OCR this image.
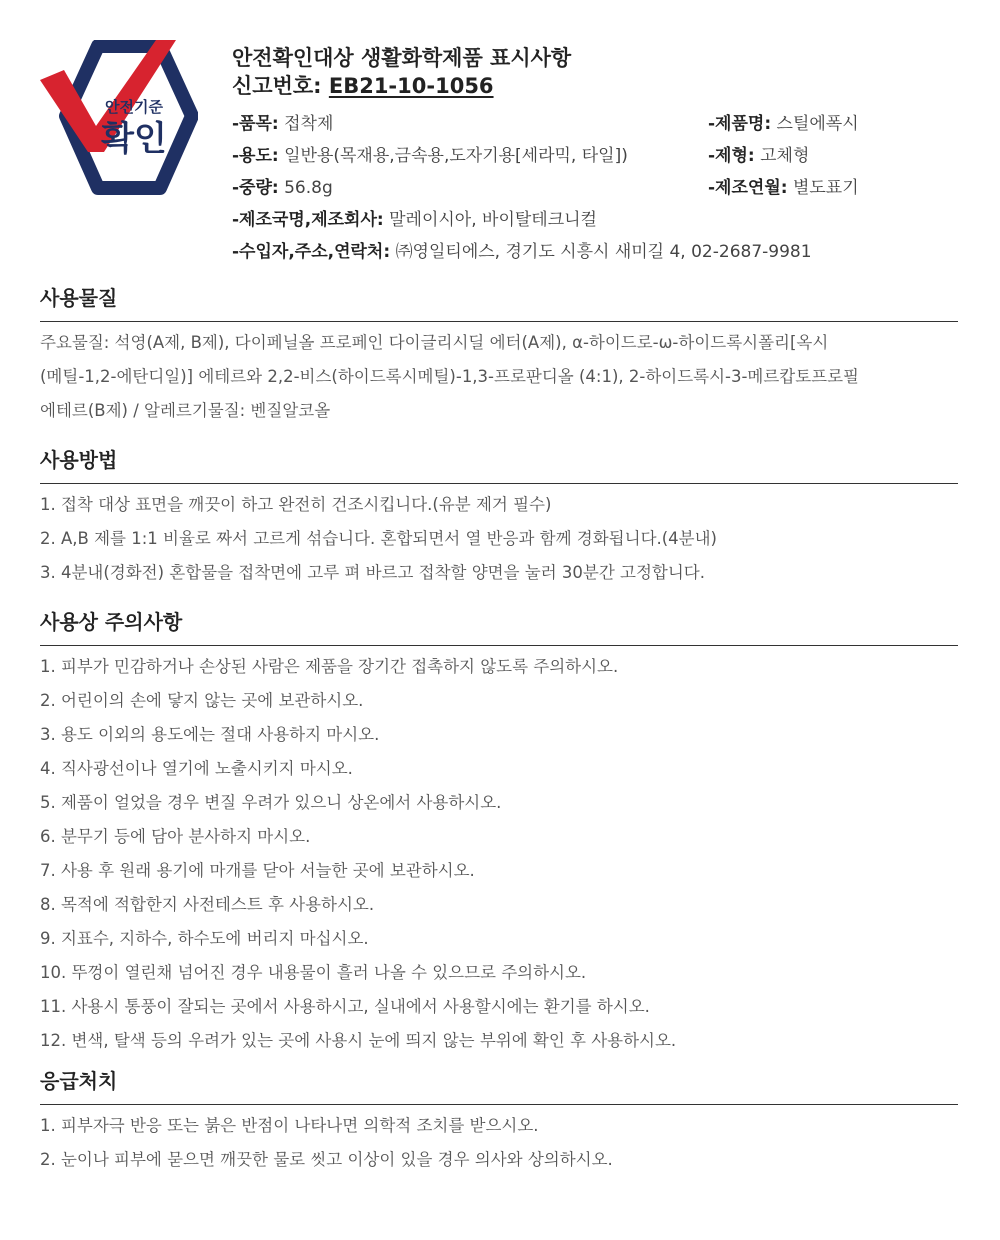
안전기준
확인
안전확인대상 생활화학제품 표시사항
신고번호: EB21-10-1056
-품목: 접착제	-제품명: 스틸에폭시
-용도: 일반용(목재용,금속용,도자기용[세라믹, 타일])	-제형: 고체형
-중량: 56.8g	-제조연월: 별도표기
-제조국명,제조회사: 말레이시아, 바이탈테크니컬
-수입자,주소,연락처: ㈜영일티에스, 경기도 시흥시 새미길 4, 02-2687-9981
사용물질

주요물질: 석영(A제, B제), 다이페닐올 프로페인 다이글리시딜 에터(A제), α-하이드로-ω-하이드록시폴리[옥시

(메틸-1,2-에탄디일)] 에테르와 2,2-비스(하이드록시메틸)-1,3-프로판디올 (4:1), 2-하이드록시-3-메르캅토프로필

에테르(B제) / 알레르기물질: 벤질알코올

사용방법
1. 접착 대상 표면을 깨끗이 하고 완전히 건조시킵니다.(유분 제거 필수)
2. A,B 제를 1:1 비율로 짜서 고르게 섞습니다. 혼합되면서 열 반응과 함께 경화됩니다.(4분내)
3. 4분내(경화전) 혼합물을 접착면에 고루 펴 바르고 접착할 양면을 눌러 30분간 고정합니다.
사용상 주의사항
1. 피부가 민감하거나 손상된 사람은 제품을 장기간 접촉하지 않도록 주의하시오.
2. 어린이의 손에 닿지 않는 곳에 보관하시오.
3. 용도 이외의 용도에는 절대 사용하지 마시오.
4. 직사광선이나 열기에 노출시키지 마시오.
5. 제품이 얼었을 경우 변질 우려가 있으니 상온에서 사용하시오.
6. 분무기 등에 담아 분사하지 마시오.
7. 사용 후 원래 용기에 마개를 닫아 서늘한 곳에 보관하시오.
8. 목적에 적합한지 사전테스트 후 사용하시오.
9. 지표수, 지하수, 하수도에 버리지 마십시오.
10. 뚜껑이 열린채 넘어진 경우 내용물이 흘러 나올 수 있으므로 주의하시오.
11. 사용시 통풍이 잘되는 곳에서 사용하시고, 실내에서 사용할시에는 환기를 하시오.
12. 변색, 탈색 등의 우려가 있는 곳에 사용시 눈에 띄지 않는 부위에 확인 후 사용하시오.
응급처치
1. 피부자극 반응 또는 붉은 반점이 나타나면 의학적 조치를 받으시오.
2. 눈이나 피부에 묻으면 깨끗한 물로 씻고 이상이 있을 경우 의사와 상의하시오.
